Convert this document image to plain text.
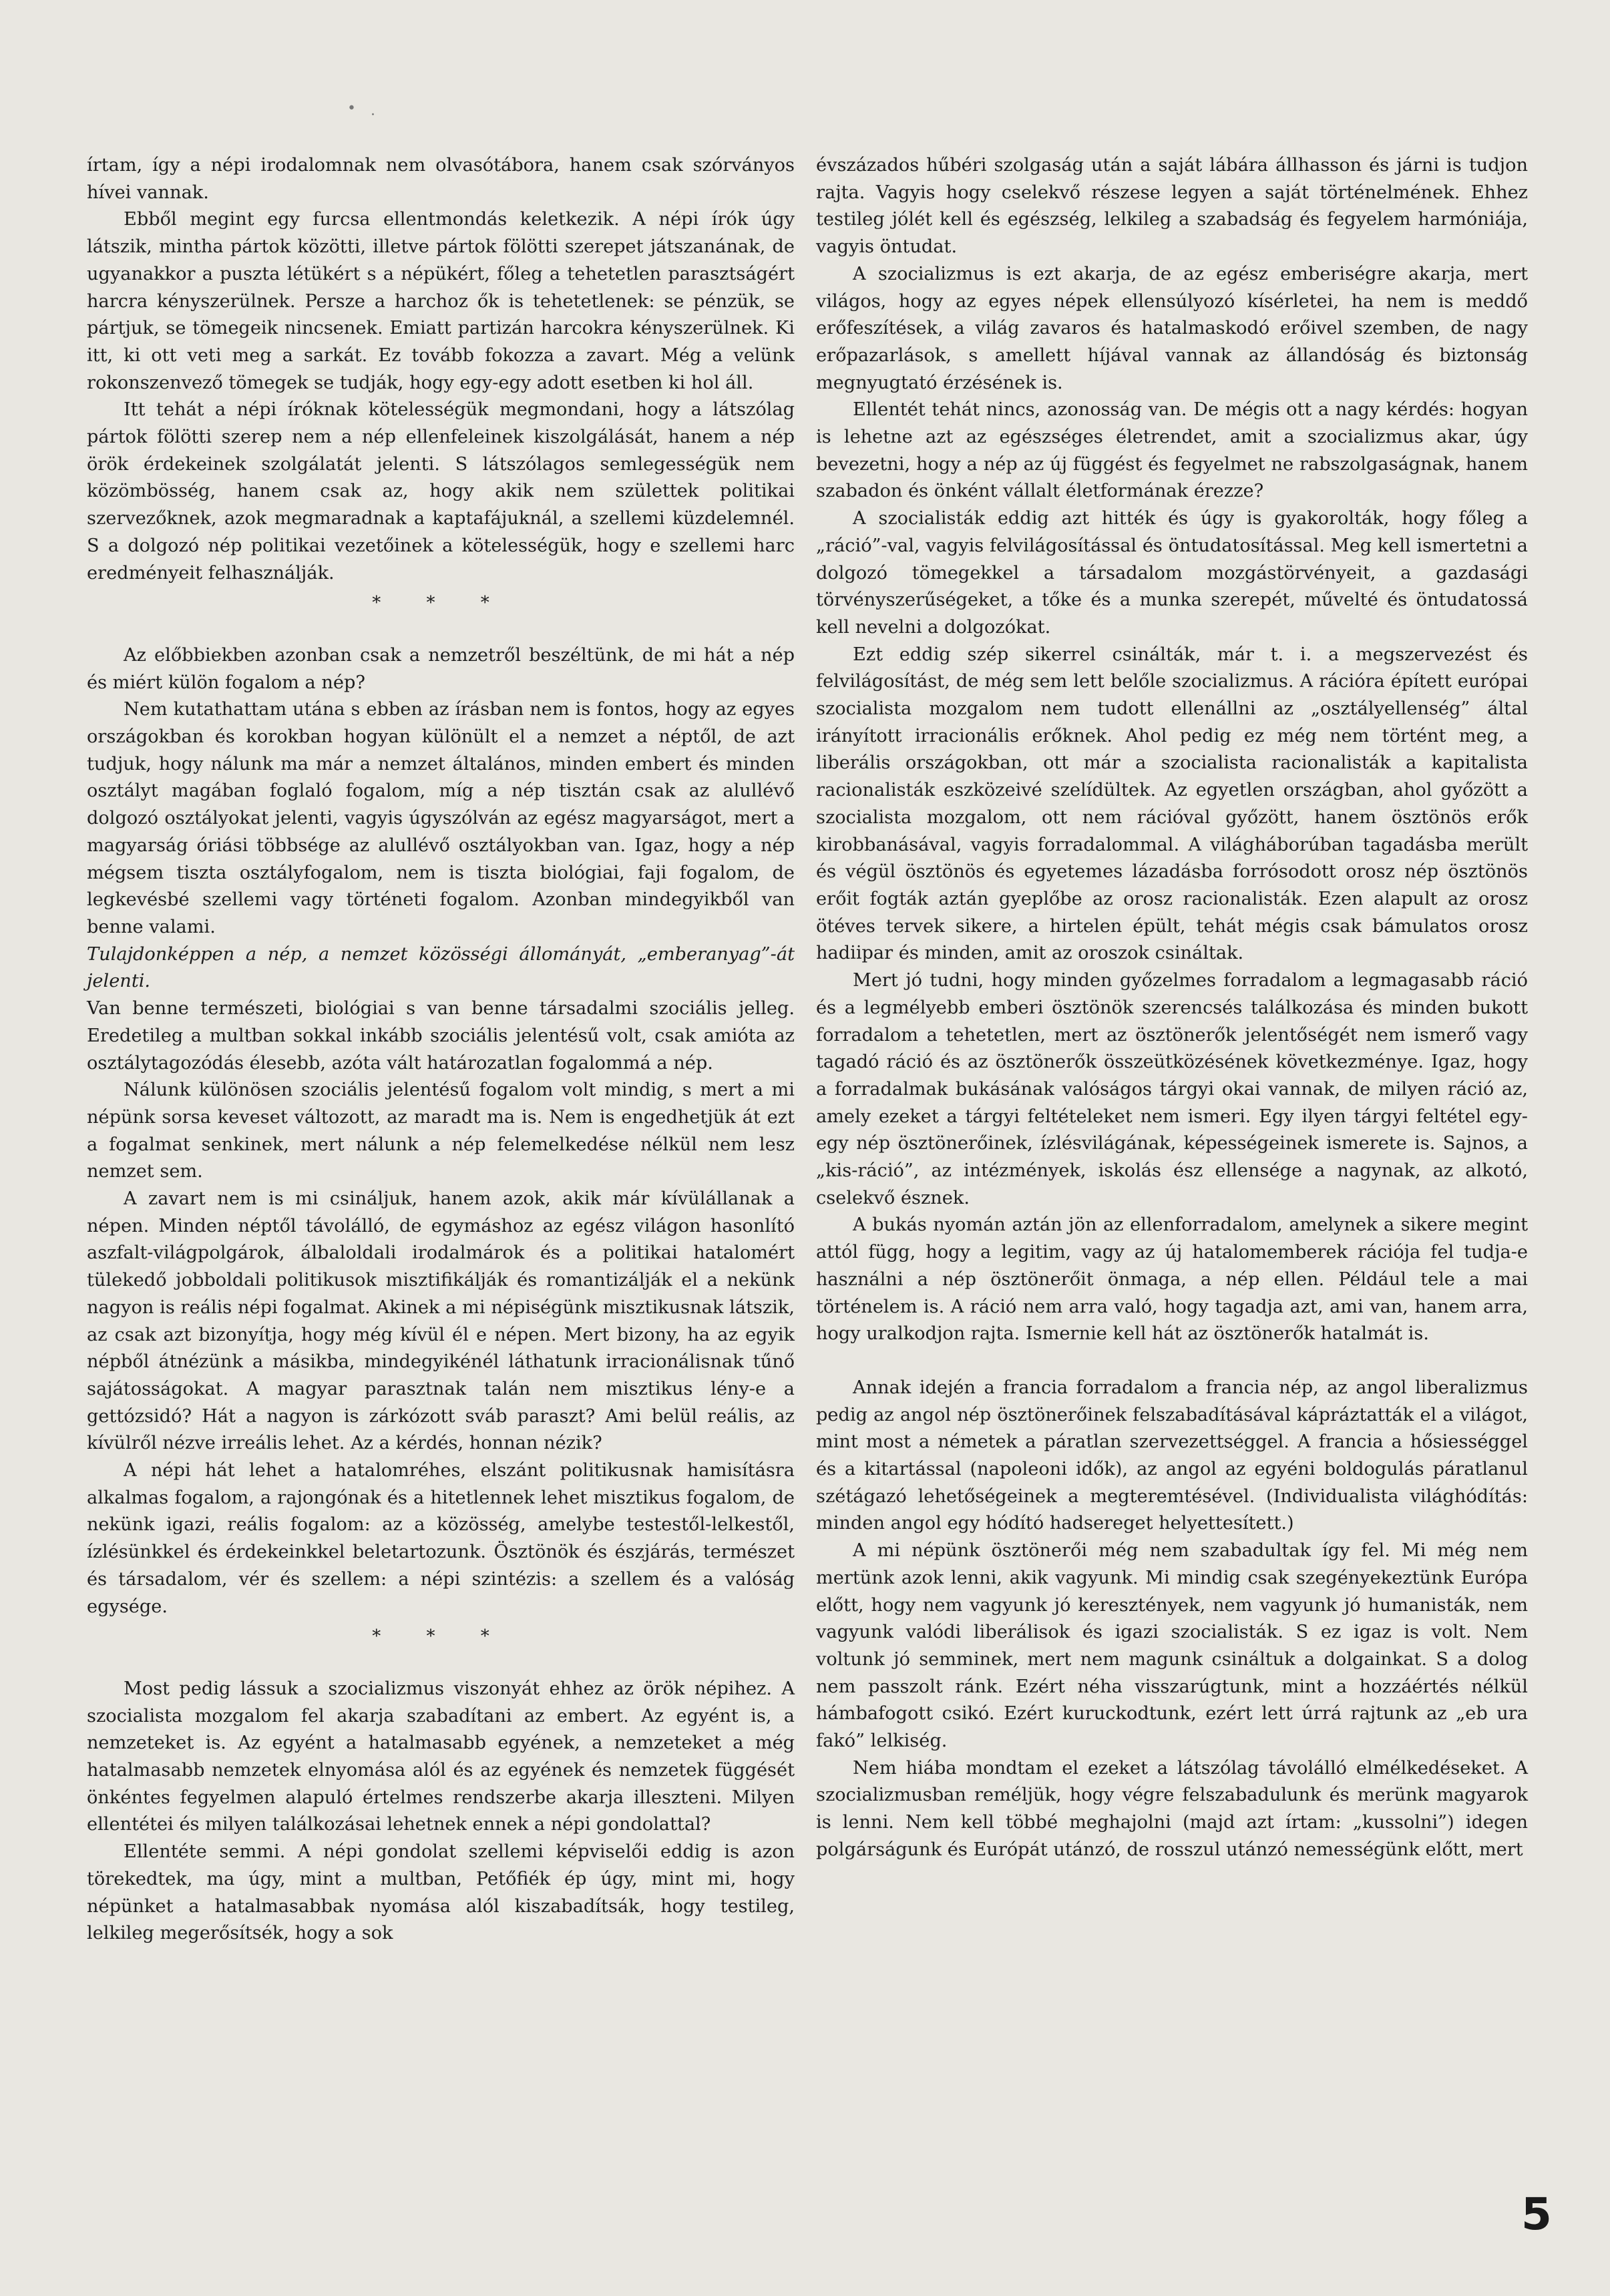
• ·

írtam, így a népi irodalomnak nem olvasótábora, hanem csak szórványos hívei vannak.

Ebből megint egy furcsa ellentmondás keletkezik. A népi írók úgy látszik, mintha pártok közötti, illetve pártok fölötti szerepet játszanának, de ugyanakkor a puszta létükért s a népükért, főleg a tehetetlen parasztságért harcra kényszerülnek. Persze a harchoz ők is tehetetlenek: se pénzük, se pártjuk, se tömegeik nincsenek. Emiatt partizán harcokra kényszerülnek. Ki itt, ki ott veti meg a sarkát. Ez tovább fokozza a zavart. Még a velünk rokonszenvező tömegek se tudják, hogy egy-egy adott esetben ki hol áll.

Itt tehát a népi íróknak kötelességük megmondani, hogy a látszólag pártok fölötti szerep nem a nép ellenfeleinek kiszolgálását, hanem a nép örök érdekeinek szolgálatát jelenti. S látszólagos semlegességük nem közömbösség, hanem csak az, hogy akik nem születtek politikai szervezőknek, azok megmaradnak a kaptafájuknál, a szellemi küzdelemnél. S a dolgozó nép politikai vezetőinek a kötelességük, hogy e szellemi harc eredményeit felhasználják.

* * *

Az előbbiekben azonban csak a nemzetről beszéltünk, de mi hát a nép és miért külön fogalom a nép?

Nem kutathattam utána s ebben az írásban nem is fontos, hogy az egyes országokban és korokban hogyan különült el a nemzet a néptől, de azt tudjuk, hogy nálunk ma már a nemzet általános, minden embert és minden osztályt magában foglaló fogalom, míg a nép tisztán csak az alullévő dolgozó osztályokat jelenti, vagyis úgyszólván az egész magyarságot, mert a magyarság óriási többsége az alullévő osztályokban van. Igaz, hogy a nép mégsem tiszta osztályfogalom, nem is tiszta biológiai, faji fogalom, de legkevésbé szellemi vagy történeti fogalom. Azonban mindegyikből van benne valami.

Tulajdonképpen a nép, a nemzet közösségi állományát, „emberanyag”-át jelenti.

Van benne természeti, biológiai s van benne társadalmi szociális jelleg. Eredetileg a multban sokkal inkább szociális jelentésű volt, csak amióta az osztálytagozódás élesebb, azóta vált határozatlan fogalommá a nép.

Nálunk különösen szociális jelentésű fogalom volt mindig, s mert a mi népünk sorsa keveset változott, az maradt ma is. Nem is engedhetjük át ezt a fogalmat senkinek, mert nálunk a nép felemelkedése nélkül nem lesz nemzet sem.

A zavart nem is mi csináljuk, hanem azok, akik már kívülállanak a népen. Minden néptől távolálló, de egymáshoz az egész világon hasonlító aszfalt-világpolgárok, álbaloldali irodalmárok és a politikai hatalomért tülekedő jobboldali politikusok misztifikálják és romantizálják el a nekünk nagyon is reális népi fogalmat. Akinek a mi népiségünk misztikusnak látszik, az csak azt bizonyítja, hogy még kívül él e népen. Mert bizony, ha az egyik népből átnézünk a másikba, mindegyikénél láthatunk irracionálisnak tűnő sajátosságokat. A magyar parasztnak talán nem misztikus lény-e a gettózsidó? Hát a nagyon is zárkózott sváb paraszt? Ami belül reális, az kívülről nézve irreális lehet. Az a kérdés, honnan nézik?

A népi hát lehet a hatalomréhes, elszánt politikusnak hamisításra alkalmas fogalom, a rajongónak és a hitetlennek lehet misztikus fogalom, de nekünk igazi, reális fogalom: az a közösség, amelybe testestől-lelkestől, ízlésünkkel és érdekeinkkel beletartozunk. Ösztönök és észjárás, természet és társadalom, vér és szellem: a népi szintézis: a szellem és a valóság egysége.

* * *

Most pedig lássuk a szocializmus viszonyát ehhez az örök népihez. A szocialista mozgalom fel akarja szabadítani az embert. Az egyént is, a nemzeteket is. Az egyént a hatalmasabb egyének, a nemzeteket a még hatalmasabb nemzetek elnyomása alól és az egyének és nemzetek függését önkéntes fegyelmen alapuló értelmes rendszerbe akarja illeszteni. Milyen ellentétei és milyen találkozásai lehetnek ennek a népi gondolattal?

Ellentéte semmi. A népi gondolat szellemi képviselői eddig is azon törekedtek, ma úgy, mint a multban, Petőfiék ép úgy, mint mi, hogy népünket a hatalmasabbak nyomása alól kiszabadítsák, hogy testileg, lelkileg megerősítsék, hogy a sok

évszázados hűbéri szolgaság után a saját lábára állhasson és járni is tudjon rajta. Vagyis hogy cselekvő részese legyen a saját történelmének. Ehhez testileg jólét kell és egészség, lelkileg a szabadság és fegyelem harmóniája, vagyis öntudat.

A szocializmus is ezt akarja, de az egész emberiségre akarja, mert világos, hogy az egyes népek ellensúlyozó kísérletei, ha nem is meddő erőfeszítések, a világ zavaros és hatalmaskodó erőivel szemben, de nagy erőpazarlások, s amellett híjával vannak az állandóság és biztonság megnyugtató érzésének is.

Ellentét tehát nincs, azonosság van. De mégis ott a nagy kérdés: hogyan is lehetne azt az egészséges életrendet, amit a szocializmus akar, úgy bevezetni, hogy a nép az új függést és fegyelmet ne rabszolgaságnak, hanem szabadon és önként vállalt életformának érezze?

A szocialisták eddig azt hitték és úgy is gyakorolták, hogy főleg a „ráció”-val, vagyis felvilágosítással és öntudatosítással. Meg kell ismertetni a dolgozó tömegekkel a társadalom mozgástörvényeit, a gazdasági törvényszerűségeket, a tőke és a munka szerepét, művelté és öntudatossá kell nevelni a dolgozókat.

Ezt eddig szép sikerrel csinálták, már t. i. a megszervezést és felvilágosítást, de még sem lett belőle szocializmus. A rációra épített európai szocialista mozgalom nem tudott ellenállni az „osztályellenség” által irányított irracionális erőknek. Ahol pedig ez még nem történt meg, a liberális országokban, ott már a szocialista racionalisták a kapitalista racionalisták eszközeivé szelídültek. Az egyetlen országban, ahol győzött a szocialista mozgalom, ott nem rációval győzött, hanem ösztönös erők kirobbanásával, vagyis forradalommal. A világháborúban tagadásba merült és végül ösztönös és egyetemes lázadásba forrósodott orosz nép ösztönös erőit fogták aztán gyeplőbe az orosz racionalisták. Ezen alapult az orosz ötéves tervek sikere, a hirtelen épült, tehát mégis csak bámulatos orosz hadiipar és minden, amit az oroszok csináltak.

Mert jó tudni, hogy minden győzelmes forradalom a legmagasabb ráció és a legmélyebb emberi ösztönök szerencsés találkozása és minden bukott forradalom a tehetetlen, mert az ösztönerők jelentőségét nem ismerő vagy tagadó ráció és az ösztönerők összeütközésének következménye. Igaz, hogy a forradalmak bukásának valóságos tárgyi okai vannak, de milyen ráció az, amely ezeket a tárgyi feltételeket nem ismeri. Egy ilyen tárgyi feltétel egy-egy nép ösztönerőinek, ízlésvilágának, képességeinek ismerete is. Sajnos, a „kis-ráció”, az intézmények, iskolás ész ellensége a nagynak, az alkotó, cselekvő észnek.

A bukás nyomán aztán jön az ellenforradalom, amelynek a sikere megint attól függ, hogy a legitim, vagy az új hatalomemberek rációja fel tudja-e használni a nép ösztönerőit önmaga, a nép ellen. Például tele a mai történelem is. A ráció nem arra való, hogy tagadja azt, ami van, hanem arra, hogy uralkodjon rajta. Ismernie kell hát az ösztönerők hatalmát is.

Annak idején a francia forradalom a francia nép, az angol liberalizmus pedig az angol nép ösztönerőinek felszabadításával kápráztatták el a világot, mint most a németek a páratlan szervezettséggel. A francia a hősiességgel és a kitartással (napoleoni idők), az angol az egyéni boldogulás páratlanul szétágazó lehetőségeinek a megteremtésével. (Individualista világhódítás: minden angol egy hódító hadsereget helyettesített.)

A mi népünk ösztönerői még nem szabadultak így fel. Mi még nem mertünk azok lenni, akik vagyunk. Mi mindig csak szegényekeztünk Európa előtt, hogy nem vagyunk jó keresztények, nem vagyunk jó humanisták, nem vagyunk valódi liberálisok és igazi szocialisták. S ez igaz is volt. Nem voltunk jó semminek, mert nem magunk csináltuk a dolgainkat. S a dolog nem passzolt ránk. Ezért néha visszarúgtunk, mint a hozzáértés nélkül hámbafogott csikó. Ezért kuruckodtunk, ezért lett úrrá rajtunk az „eb ura fakó” lelkiség.

Nem hiába mondtam el ezeket a látszólag távolálló elmélkedéseket. A szocializmusban reméljük, hogy végre felszabadulunk és merünk magyarok is lenni. Nem kell többé meghajolni (majd azt írtam: „kussolni”) idegen polgárságunk és Európát utánzó, de rosszul utánzó nemességünk előtt, mert

5
